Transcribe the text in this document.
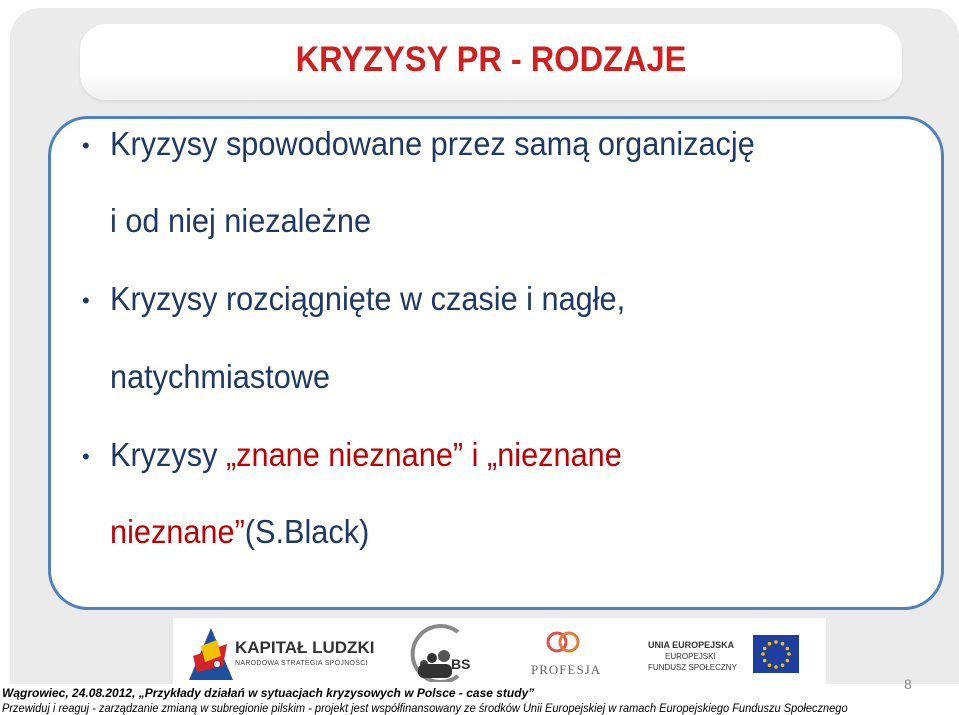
KRYZYSY PR - RODZAJE
• Kryzysy spowodowane przez samą organizację

i od niej niezależne

• Kryzysy rozciągnięte w czasie i nagłe,

natychmiastowe

• Kryzysy „znane nieznane” i „nieznane

nieznane”(S.Black)

KAPITAŁ LUDZKI
NARODOWA STRATEGIA SPÓJNOŚCI	BS	PROFESJA
UNIA EUROPEJSKA
EUROPEJSKI
FUNDUSZ SPOŁECZNY

Wągrowiec, 24.08.2012, „Przykłady działań w sytuacjach kryzysowych w Polsce - case study”

Przewiduj i reaguj - zarządzanie zmianą w subregionie pilskim - projekt jest współfinansowany ze środków Unii Europejskiej w ramach Europejskiego Funduszu Społecznego

8
